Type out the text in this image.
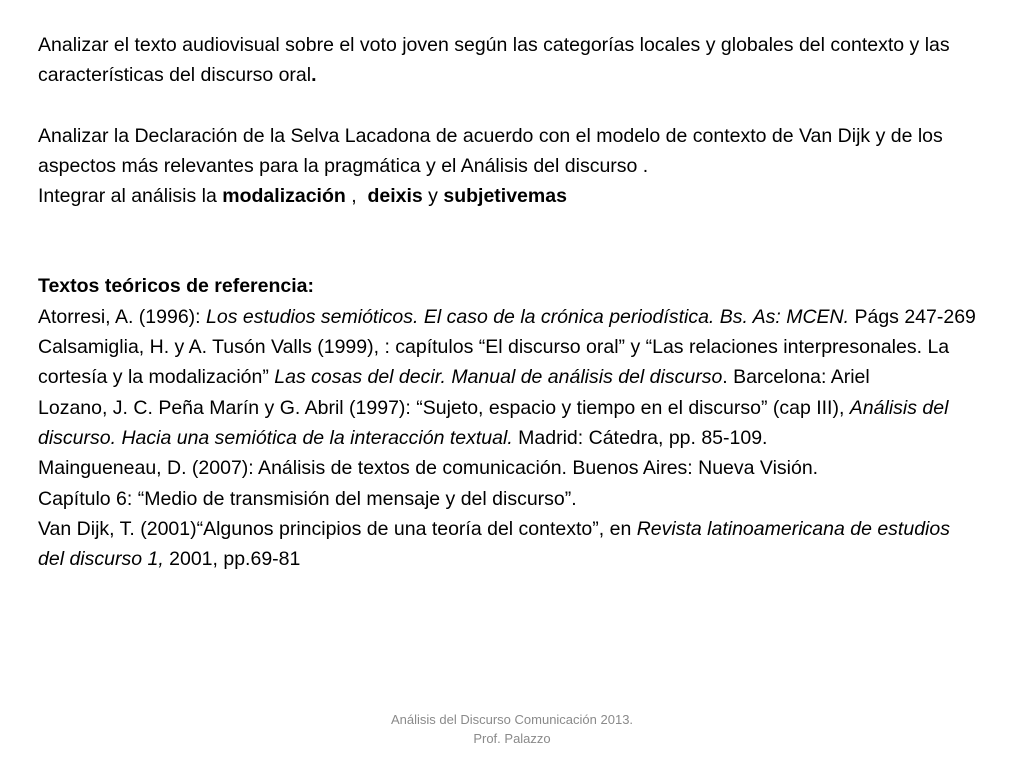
Analizar el texto audiovisual sobre el voto joven según las categorías locales y globales del contexto y las características del discurso oral.

Analizar la Declaración de la Selva Lacadona de acuerdo con el modelo de contexto de Van Dijk y de los aspectos más relevantes para la pragmática y el Análisis del discurso .

Integrar al análisis la modalización ,  deixis y subjetivemas

Textos teóricos de referencia:

Atorresi, A. (1996): Los estudios semióticos. El caso de la crónica periodística. Bs. As: MCEN. Págs 247-269

Calsamiglia, H. y A. Tusón Valls (1999), : capítulos “El discurso oral” y “Las relaciones interpresonales. La cortesía y la modalización” Las cosas del decir. Manual de análisis del discurso. Barcelona: Ariel

Lozano, J. C. Peña Marín y G. Abril (1997): “Sujeto, espacio y tiempo en el discurso” (cap III), Análisis del discurso. Hacia una semiótica de la interacción textual. Madrid: Cátedra, pp. 85-109.

Maingueneau, D. (2007): Análisis de textos de comunicación. Buenos Aires: Nueva Visión.

Capítulo 6: “Medio de transmisión del mensaje y del discurso”.

Van Dijk, T. (2001)“Algunos principios de una teoría del contexto”, en Revista latinoamericana de estudios del discurso 1, 2001, pp.69-81

Análisis del Discurso Comunicación 2013.
Prof. Palazzo
